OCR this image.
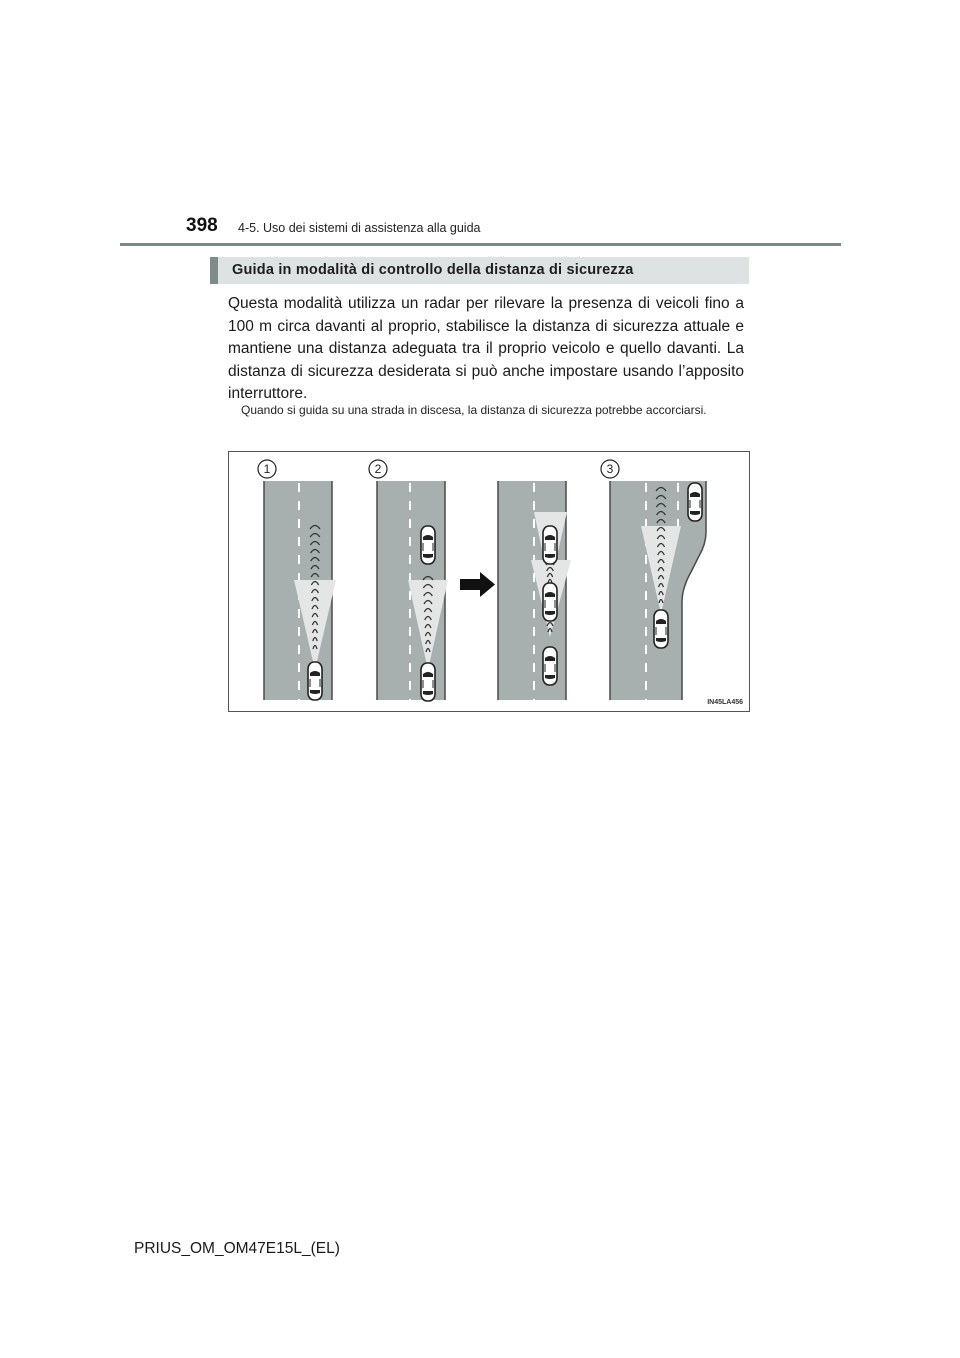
398 4-5. Uso dei sistemi di assistenza alla guida
Guida in modalità di controllo della distanza di sicurezza

Questa modalità utilizza un radar per rilevare la presenza di veicoli fino a 100 m circa davanti al proprio, stabilisce la distanza di sicurezza attuale e mantiene una distanza adeguata tra il proprio veicolo e quello davanti. La distanza di sicurezza desiderata si può anche impostare usando l’apposito interruttore.

Quando si guida su una strada in discesa, la distanza di sicurezza potrebbe accorciarsi.

1	2	3
IN45LA456
PRIUS_OM_OM47E15L_(EL)
